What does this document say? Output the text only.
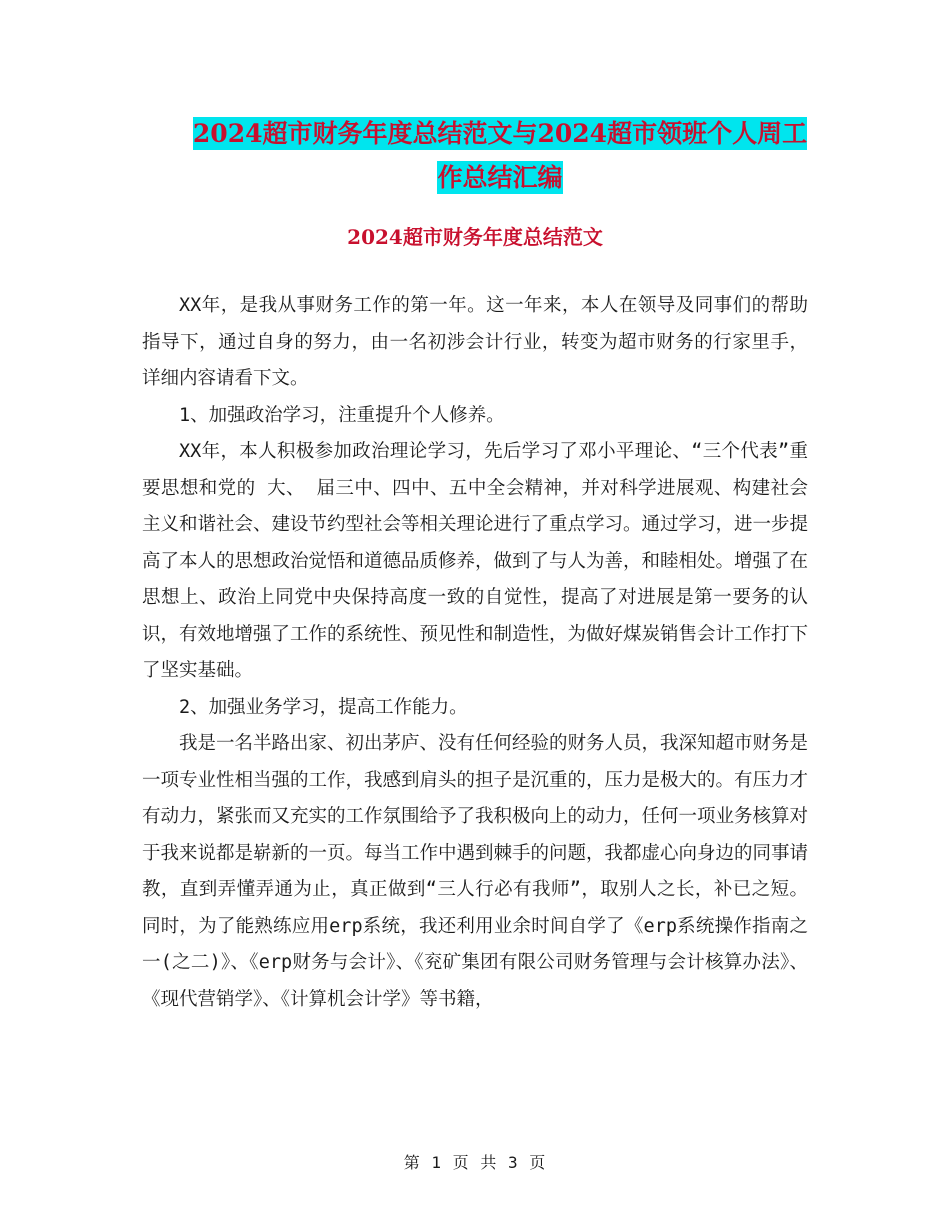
2024超市财务年度总结范文与2024超市领班个人周工
作总结汇编
2024超市财务年度总结范文

XX年，是我从事财务工作的第一年。这一年来，本人在领导及同事们的帮助指导下，通过自身的努力，由一名初涉会计行业，转变为超市财务的行家里手， 详细内容请看下文。

1、加强政治学习，注重提升个人修养。

XX年，本人积极参加政治理论学习，先后学习了邓小平理论、“三个代表”重要思想和党的 大、 届三中、四中、五中全会精神，并对科学进展观、构建社会主义和谐社会、建设节约型社会等相关理论进行了重点学习。通过学习，进一步提高了本人的思想政治觉悟和道德品质修养，做到了与人为善，和睦相处。增强了在思想上、政治上同党中央保持高度一致的自觉性，提高了对进展是第一要务的认识，有效地增强了工作的系统性、预见性和制造性，为做好煤炭销售会计工作打下了坚实基础。

2、加强业务学习，提高工作能力。

我是一名半路出家、初出茅庐、没有任何经验的财务人员，我深知超市财务是一项专业性相当强的工作，我感到肩头的担子是沉重的，压力是极大的。有压力才有动力，紧张而又充实的工作氛围给予了我积极向上的动力，任何一项业务核算对于我来说都是崭新的一页。每当工作中遇到棘手的问题，我都虚心向身边的同事请教，直到弄懂弄通为止，真正做到“三人行必有我师”，取别人之长，补已之短。同时，为了能熟练应用erp系统，我还利用业余时间自学了《erp系统操作指南之一(之二)》、《erp财务与会计》、《兖矿集团有限公司财务管理与会计核算办法》、《现代营销学》、《计算机会计学》等书籍，

第 1 页 共 3 页
